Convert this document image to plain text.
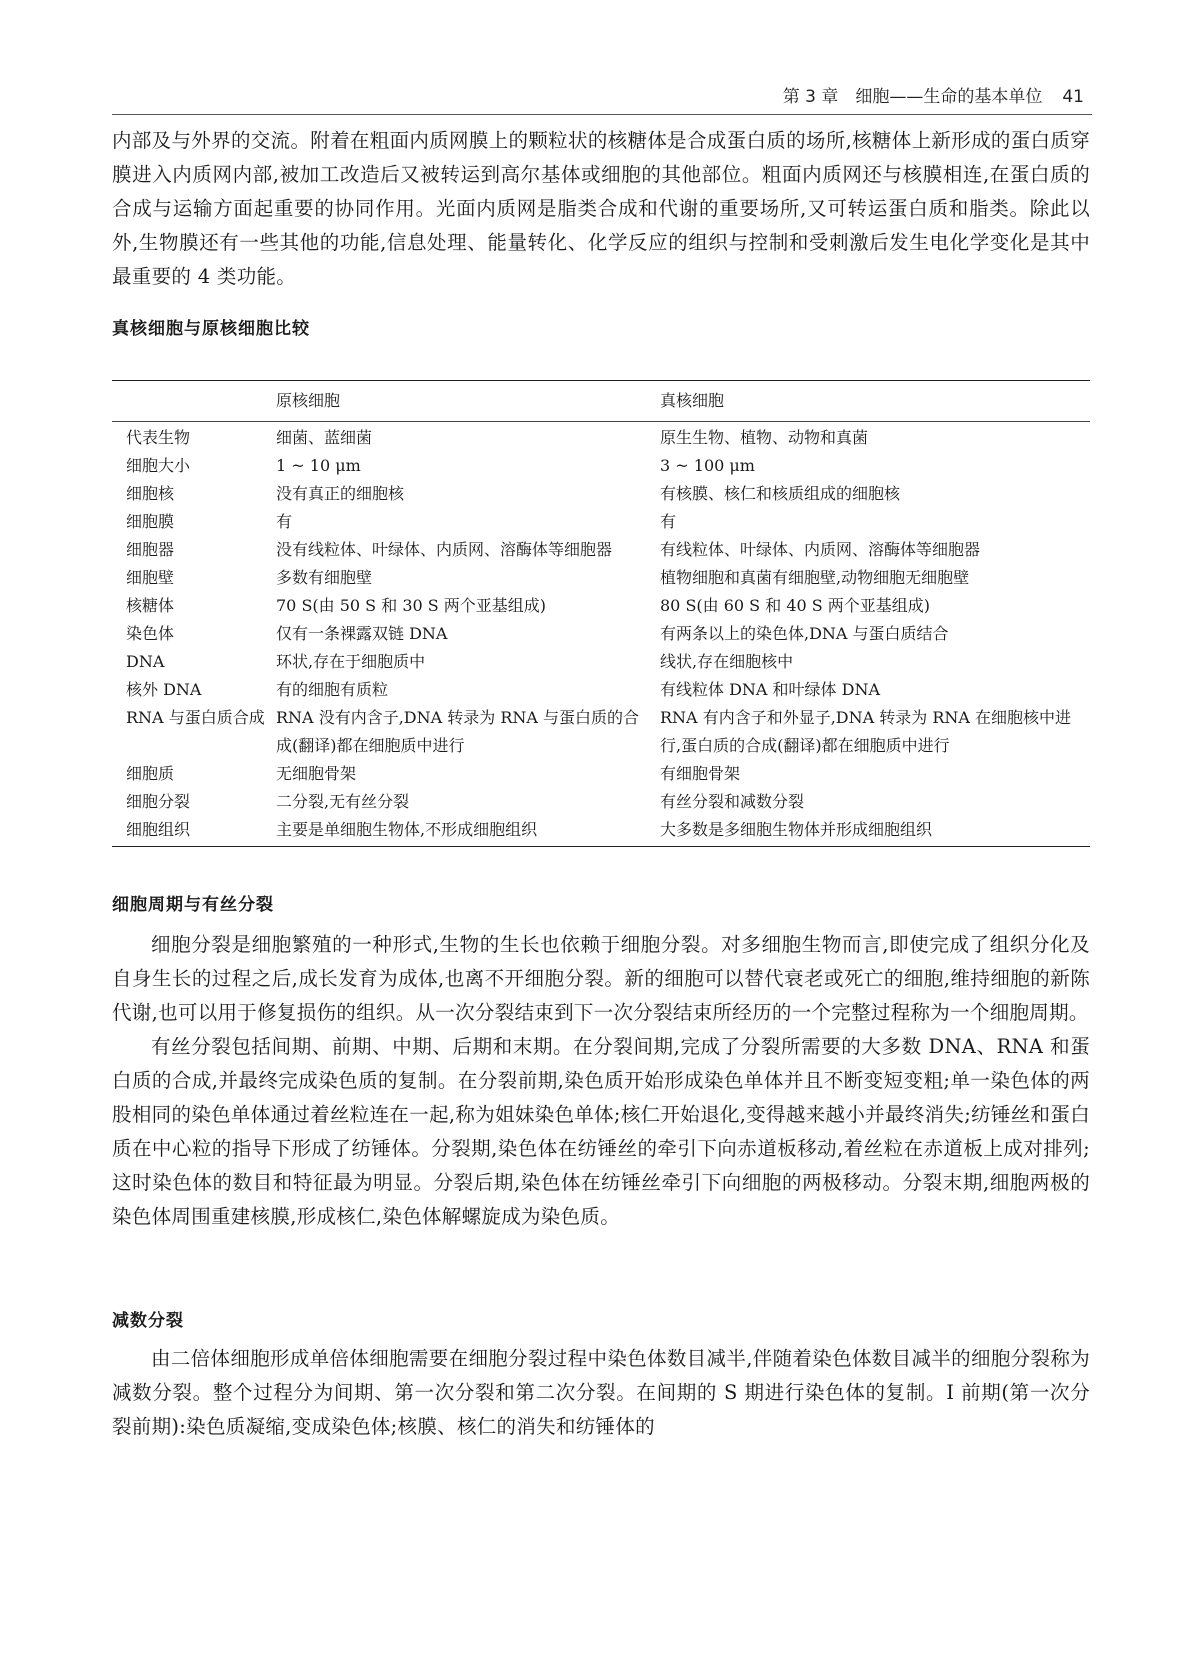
第 3 章　细胞——生命的基本单位 41

内部及与外界的交流。附着在粗面内质网膜上的颗粒状的核糖体是合成蛋白质的场所,核糖体上新形成的蛋白质穿膜进入内质网内部,被加工改造后又被转运到高尔基体或细胞的其他部位。粗面内质网还与核膜相连,在蛋白质的合成与运输方面起重要的协同作用。光面内质网是脂类合成和代谢的重要场所,又可转运蛋白质和脂类。除此以外,生物膜还有一些其他的功能,信息处理、能量转化、化学反应的组织与控制和受刺激后发生电化学变化是其中最重要的 4 类功能。

真核细胞与原核细胞比较
	原核细胞	真核细胞
代表生物	细菌、蓝细菌	原生生物、植物、动物和真菌
细胞大小	1 ~ 10 μm	3 ~ 100 μm
细胞核	没有真正的细胞核	有核膜、核仁和核质组成的细胞核
细胞膜	有	有
细胞器	没有线粒体、叶绿体、内质网、溶酶体等细胞器	有线粒体、叶绿体、内质网、溶酶体等细胞器
细胞壁	多数有细胞壁	植物细胞和真菌有细胞壁,动物细胞无细胞壁
核糖体	70 S(由 50 S 和 30 S 两个亚基组成)	80 S(由 60 S 和 40 S 两个亚基组成)
染色体	仅有一条裸露双链 DNA	有两条以上的染色体,DNA 与蛋白质结合
DNA	环状,存在于细胞质中	线状,存在细胞核中
核外 DNA	有的细胞有质粒	有线粒体 DNA 和叶绿体 DNA
RNA 与蛋白质合成	RNA 没有内含子,DNA 转录为 RNA 与蛋白质的合成(翻译)都在细胞质中进行	RNA 有内含子和外显子,DNA 转录为 RNA 在细胞核中进行,蛋白质的合成(翻译)都在细胞质中进行
细胞质	无细胞骨架	有细胞骨架
细胞分裂	二分裂,无有丝分裂	有丝分裂和减数分裂
细胞组织	主要是单细胞生物体,不形成细胞组织	大多数是多细胞生物体并形成细胞组织
细胞周期与有丝分裂

细胞分裂是细胞繁殖的一种形式,生物的生长也依赖于细胞分裂。对多细胞生物而言,即使完成了组织分化及自身生长的过程之后,成长发育为成体,也离不开细胞分裂。新的细胞可以替代衰老或死亡的细胞,维持细胞的新陈代谢,也可以用于修复损伤的组织。从一次分裂结束到下一次分裂结束所经历的一个完整过程称为一个细胞周期。

有丝分裂包括间期、前期、中期、后期和末期。在分裂间期,完成了分裂所需要的大多数 DNA、RNA 和蛋白质的合成,并最终完成染色质的复制。在分裂前期,染色质开始形成染色单体并且不断变短变粗;单一染色体的两股相同的染色单体通过着丝粒连在一起,称为姐妹染色单体;核仁开始退化,变得越来越小并最终消失;纺锤丝和蛋白质在中心粒的指导下形成了纺锤体。分裂期,染色体在纺锤丝的牵引下向赤道板移动,着丝粒在赤道板上成对排列;这时染色体的数目和特征最为明显。分裂后期,染色体在纺锤丝牵引下向细胞的两极移动。分裂末期,细胞两极的染色体周围重建核膜,形成核仁,染色体解螺旋成为染色质。

减数分裂

由二倍体细胞形成单倍体细胞需要在细胞分裂过程中染色体数目减半,伴随着染色体数目减半的细胞分裂称为减数分裂。整个过程分为间期、第一次分裂和第二次分裂。在间期的 S 期进行染色体的复制。I 前期(第一次分裂前期):染色质凝缩,变成染色体;核膜、核仁的消失和纺锤体的
